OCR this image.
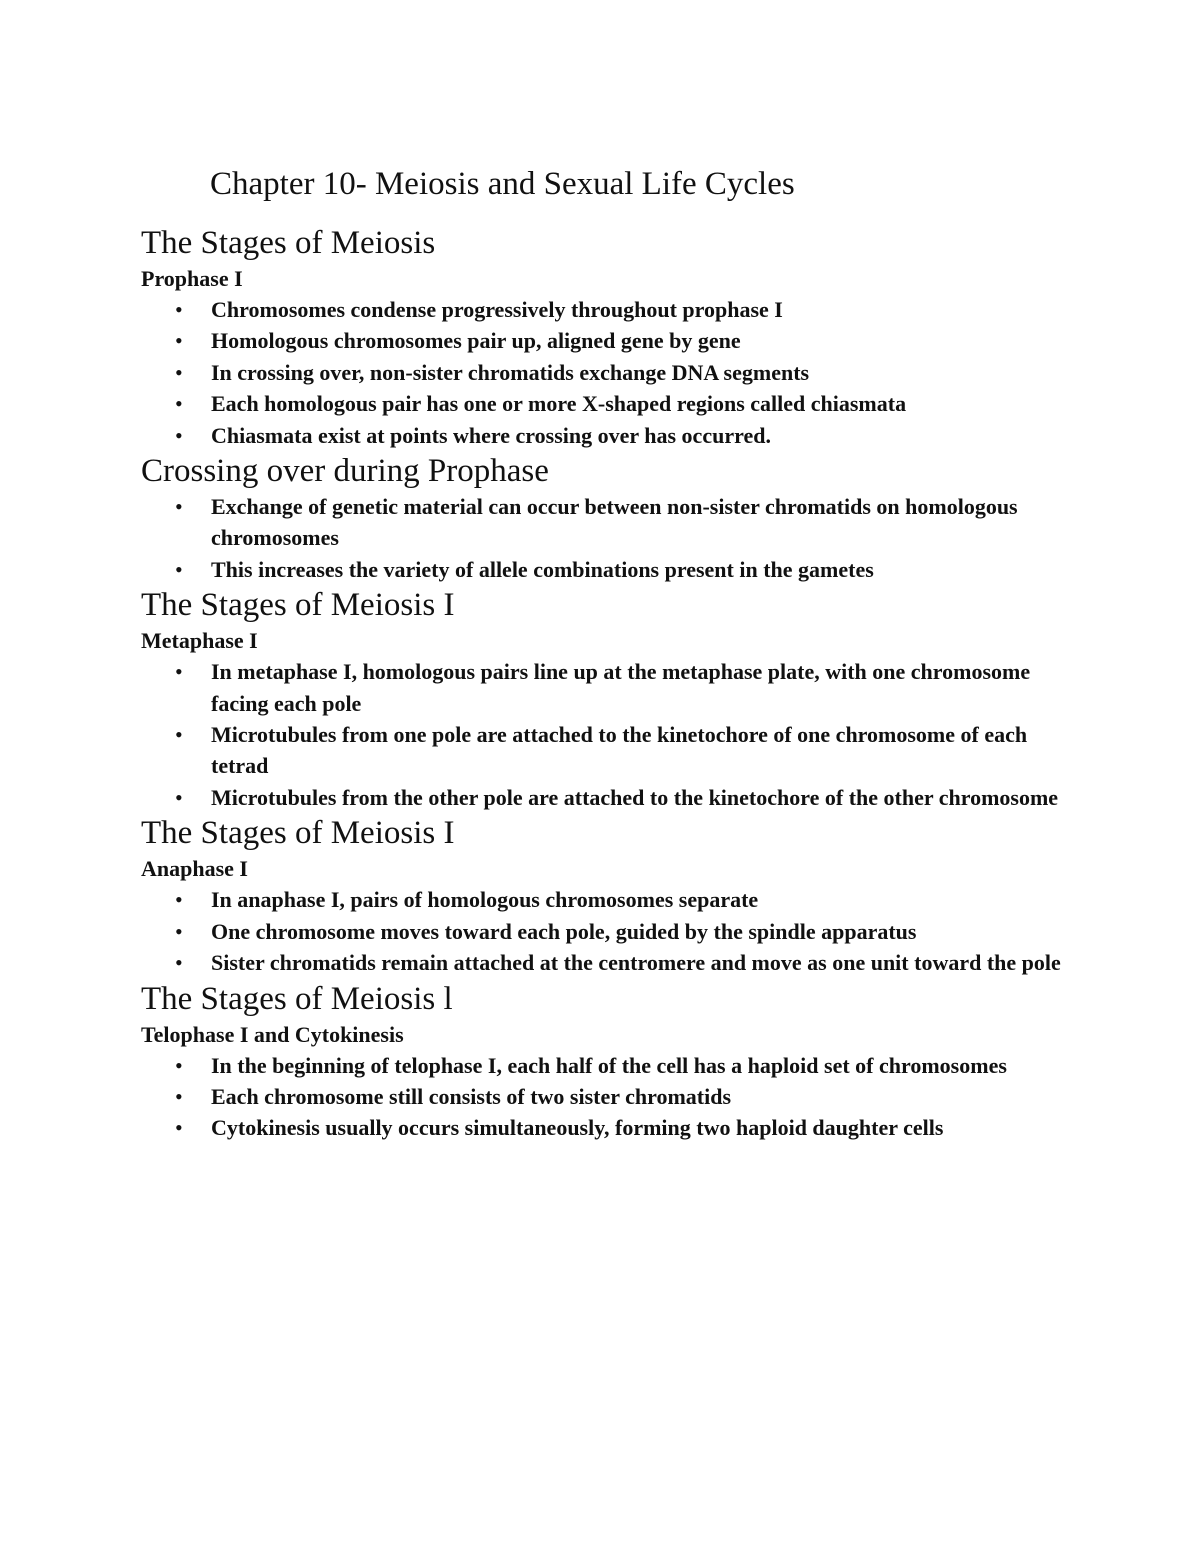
Chapter 10- Meiosis and Sexual Life Cycles
The Stages of Meiosis
Prophase I
• Chromosomes condense progressively throughout prophase I
• Homologous chromosomes pair up, aligned gene by gene
• In crossing over, non-sister chromatids exchange DNA segments
• Each homologous pair has one or more X-shaped regions called chiasmata
• Chiasmata exist at points where crossing over has occurred.
Crossing over during Prophase
• Exchange of genetic material can occur between non-sister chromatids on homologous chromosomes
• This increases the variety of allele combinations present in the gametes
The Stages of Meiosis I
Metaphase I
• In metaphase I, homologous pairs line up at the metaphase plate, with one chromosome facing each pole
• Microtubules from one pole are attached to the kinetochore of one chromosome of each tetrad
• Microtubules from the other pole are attached to the kinetochore of the other chromosome
The Stages of Meiosis I
Anaphase I
• In anaphase I, pairs of homologous chromosomes separate
• One chromosome moves toward each pole, guided by the spindle apparatus
• Sister chromatids remain attached at the centromere and move as one unit toward the pole
The Stages of Meiosis l
Telophase I and Cytokinesis
• In the beginning of telophase I, each half of the cell has a haploid set of chromosomes
• Each chromosome still consists of two sister chromatids
• Cytokinesis usually occurs simultaneously, forming two haploid daughter cells
